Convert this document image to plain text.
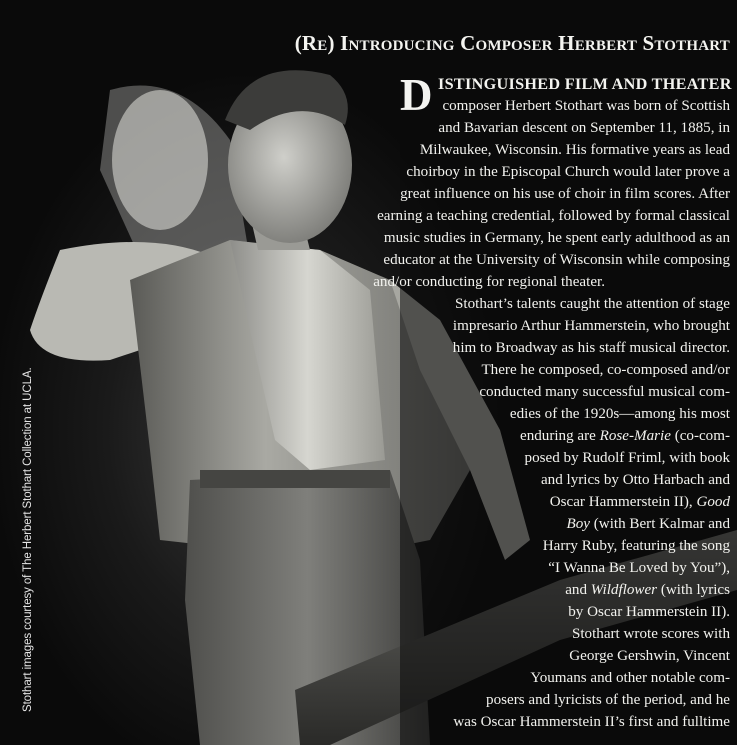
(Re) Introducing Composer Herbert Stothart
D ISTINGUISHED FILM AND THEATER
composer Herbert Stothart was born of Scottish
and Bavarian descent on September 11, 1885, in
Milwaukee, Wisconsin. His formative years as lead
choirboy in the Episcopal Church would later prove a
great influence on his use of choir in film scores. After
earning a teaching credential, followed by formal classical
music studies in Germany, he spent early adulthood as an
educator at the University of Wisconsin while composing
and/or conducting for regional theater.
Stothart’s talents caught the attention of stage
impresario Arthur Hammerstein, who brought
him to Broadway as his staff musical director.
There he composed, co-composed and/or
conducted many successful musical com-
edies of the 1920s—among his most
enduring are Rose-Marie (co-com-
posed by Rudolf Friml, with book
and lyrics by Otto Harbach and
Oscar Hammerstein II), Good
Boy (with Bert Kalmar and
Harry Ruby, featuring the song
“I Wanna Be Loved by You”),
and Wildflower (with lyrics
by Oscar Hammerstein II).
Stothart wrote scores with
George Gershwin, Vincent
Youmans and other notable com-
posers and lyricists of the period, and he
was Oscar Hammerstein II’s first and fulltime
Stothart images courtesy of The Herbert Stothart Collection at UCLA.
